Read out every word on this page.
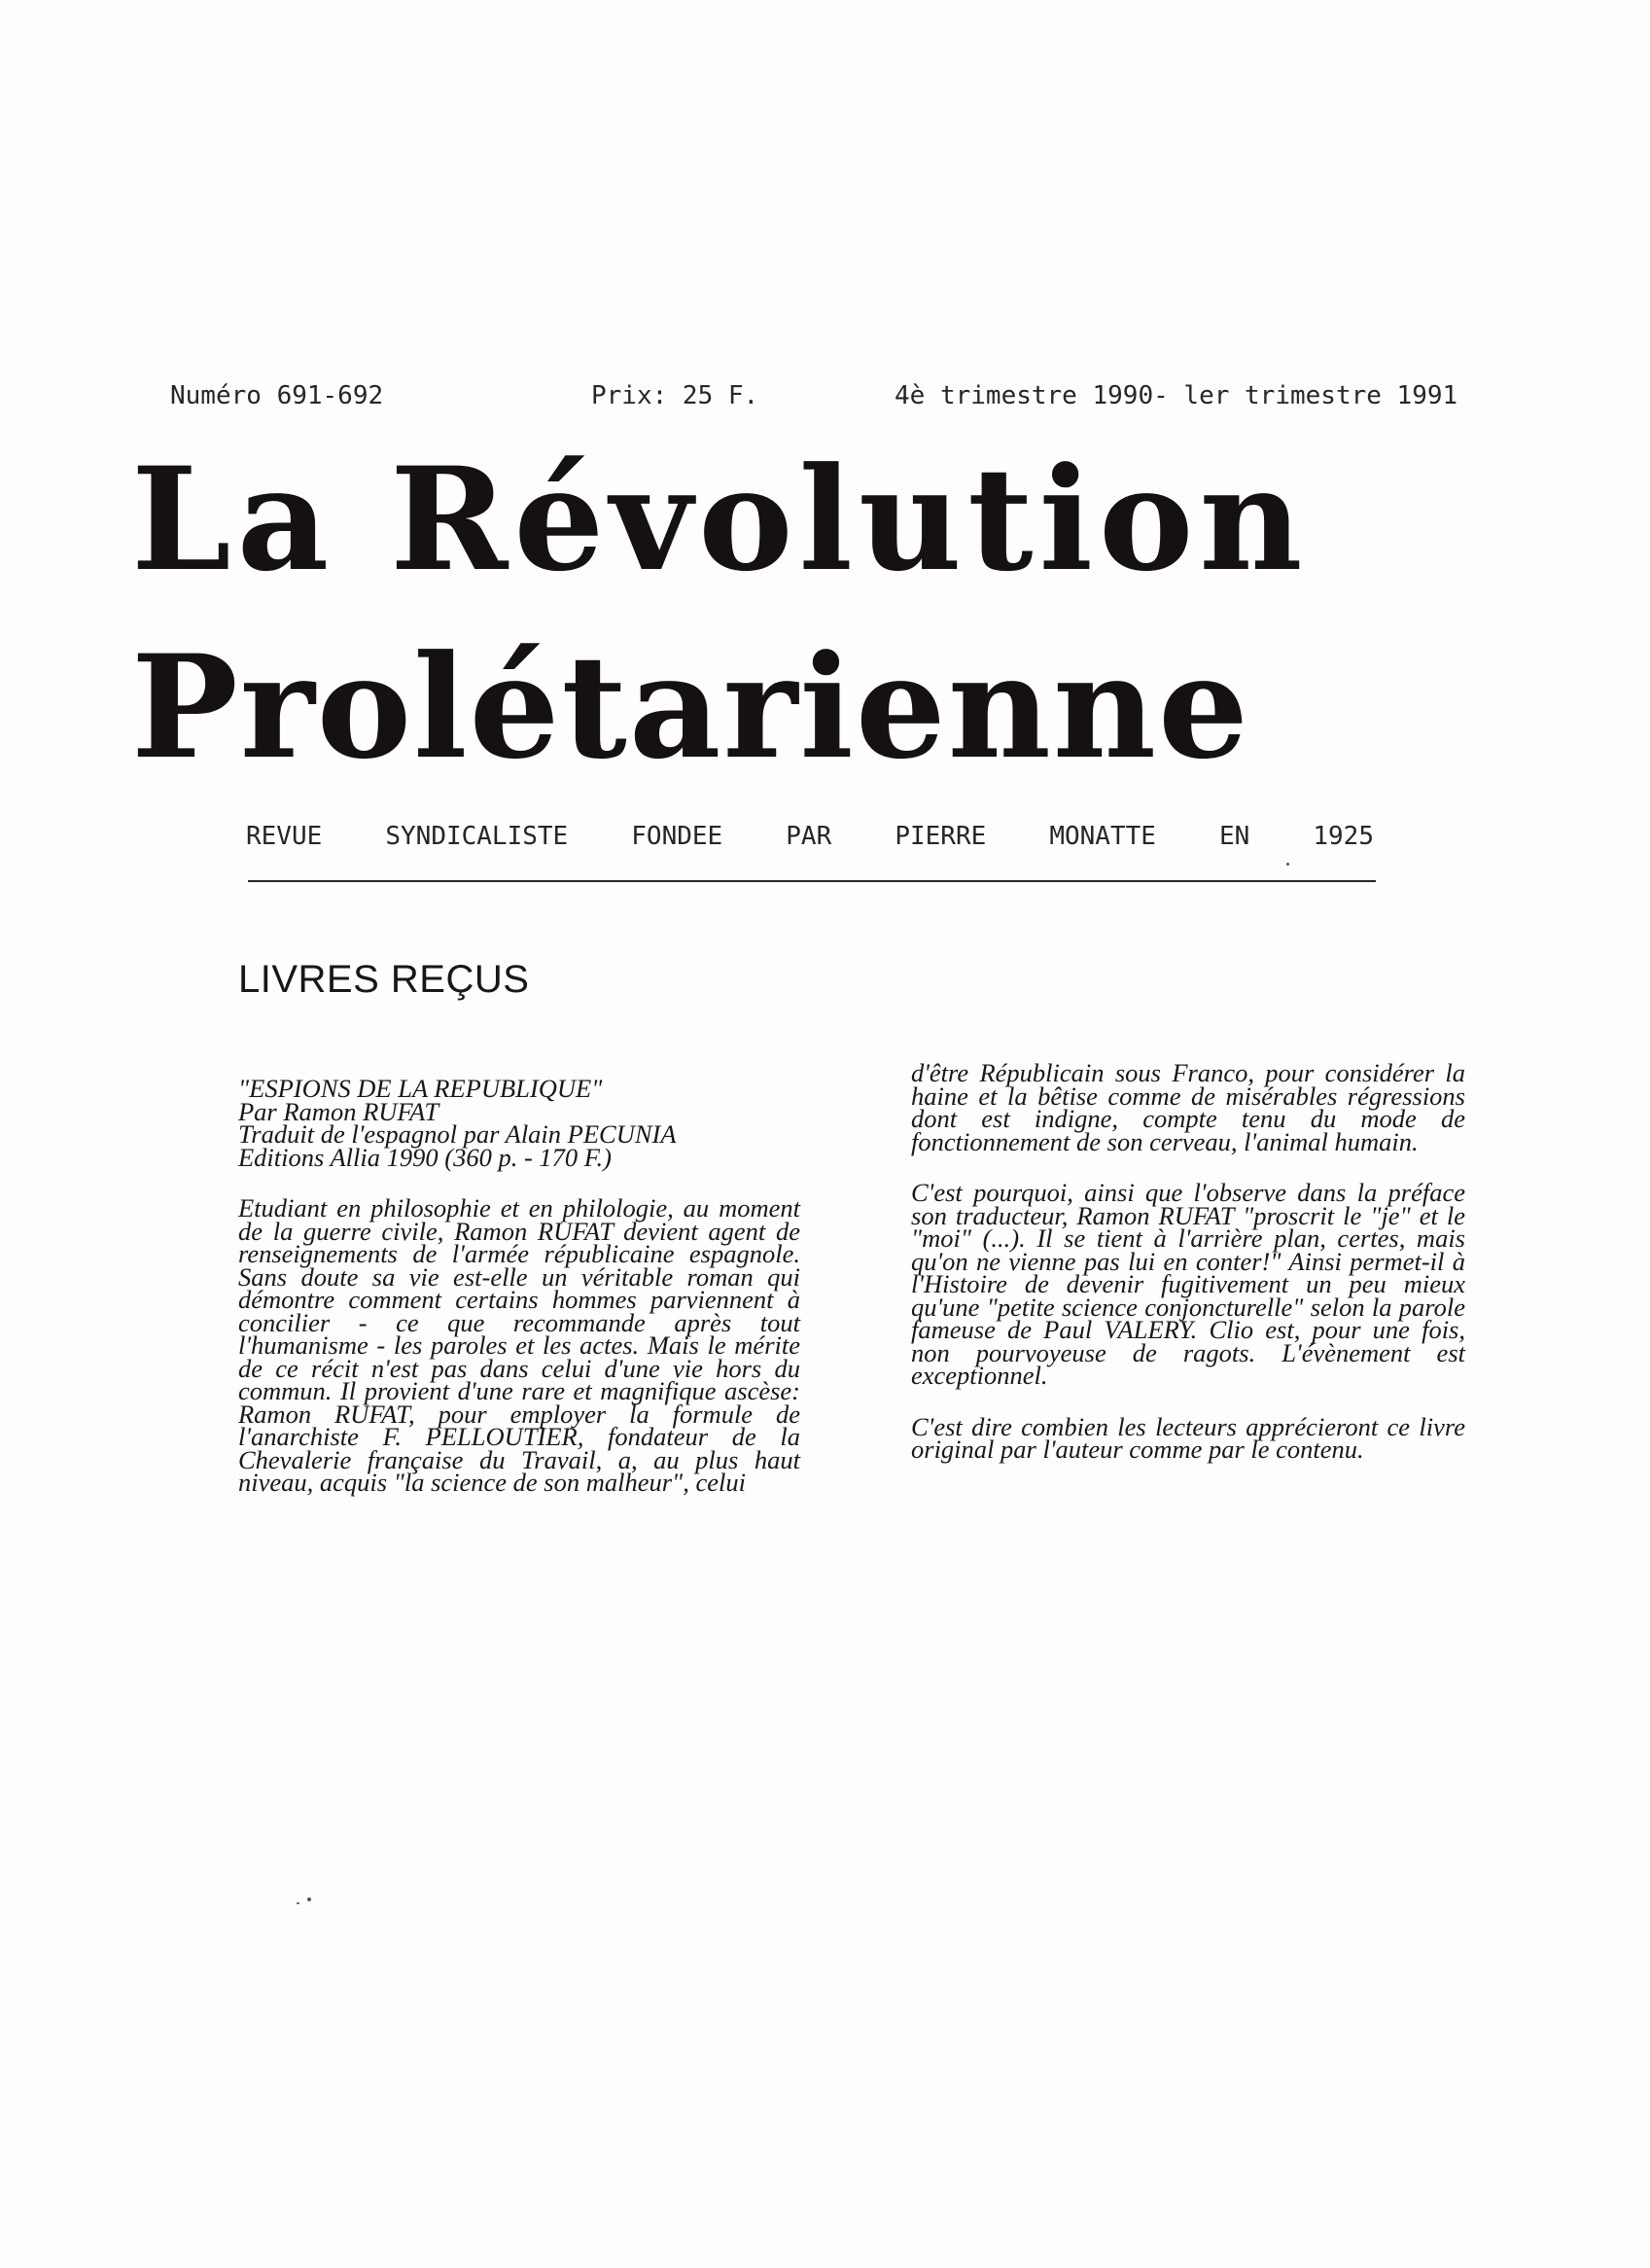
Numéro 691-692	Prix: 25 F.	4è trimestre 1990- ler trimestre 1991
La Révolution
Prolétarienne
REVUE	SYNDICALISTE	FONDEE	PAR	PIERRE	MONATTE	EN	1925
LIVRES REÇUS
"ESPIONS DE LA REPUBLIQUE"
Par Ramon RUFAT
Traduit de l'espagnol par Alain PECUNIA
Editions Allia 1990 (360 p. - 170 F.)

Etudiant en philosophie et en philologie, au moment de la guerre civile, Ramon RUFAT devient agent de renseignements de l'armée républicaine espagnole. Sans doute sa vie est-elle un véritable roman qui démontre comment certains hommes parviennent à concilier - ce que recommande après tout l'humanisme - les paroles et les actes. Mais le mérite de ce récit n'est pas dans celui d'une vie hors du commun. Il provient d'une rare et magnifique ascèse: Ramon RUFAT, pour employer la formule de l'anarchiste F. PELLOUTIER, fondateur de la Chevalerie française du Travail, a, au plus haut niveau, acquis "la science de son malheur", celui

d'être Républicain sous Franco, pour considérer la haine et la bêtise comme de misérables régressions dont est indigne, compte tenu du mode de fonctionnement de son cerveau, l'animal humain.

C'est pourquoi, ainsi que l'observe dans la préface son traducteur, Ramon RUFAT "proscrit le "je" et le "moi" (...). Il se tient à l'arrière plan, certes, mais qu'on ne vienne pas lui en conter!" Ainsi permet-il à l'Histoire de devenir fugitivement un peu mieux qu'une "petite science conjoncturelle" selon la parole fameuse de Paul VALERY. Clio est, pour une fois, non pourvoyeuse de ragots. L'évènement est exceptionnel.

C'est dire combien les lecteurs apprécieront ce livre original par l'auteur comme par le contenu.
